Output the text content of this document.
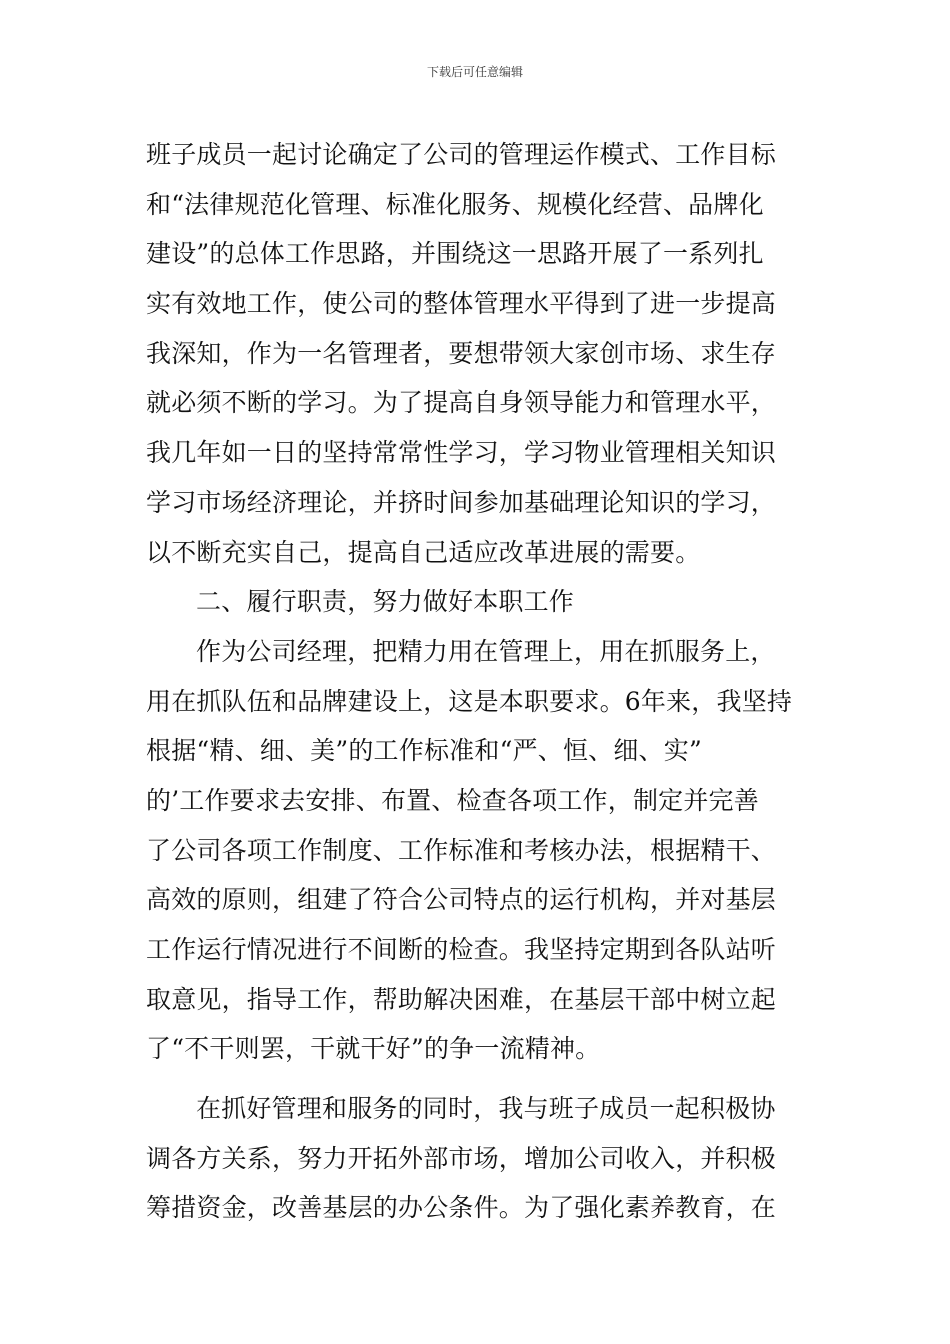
下载后可任意编辑
班子成员一起讨论确定了公司的管理运作模式、工作目标
和“法律规范化管理、标准化服务、规模化经营、品牌化
建设”的总体工作思路，并围绕这一思路开展了一系列扎
实有效地工作，使公司的整体管理水平得到了进一步提高
我深知，作为一名管理者，要想带领大家创市场、求生存
就必须不断的学习。为了提高自身领导能力和管理水平，
我几年如一日的坚持常常性学习，学习物业管理相关知识
学习市场经济理论，并挤时间参加基础理论知识的学习，
以不断充实自己，提高自己适应改革进展的需要。
二、履行职责，努力做好本职工作
作为公司经理，把精力用在管理上，用在抓服务上，
用在抓队伍和品牌建设上，这是本职要求。6年来，我坚持
根据“精、细、美”的工作标准和“严、恒、细、实”
的’工作要求去安排、布置、检查各项工作，制定并完善
了公司各项工作制度、工作标准和考核办法，根据精干、
高效的原则，组建了符合公司特点的运行机构，并对基层
工作运行情况进行不间断的检查。我坚持定期到各队站听
取意见，指导工作，帮助解决困难，在基层干部中树立起
了“不干则罢，干就干好”的争一流精神。
在抓好管理和服务的同时，我与班子成员一起积极协
调各方关系，努力开拓外部市场，增加公司收入，并积极
筹措资金，改善基层的办公条件。为了强化素养教育，在
